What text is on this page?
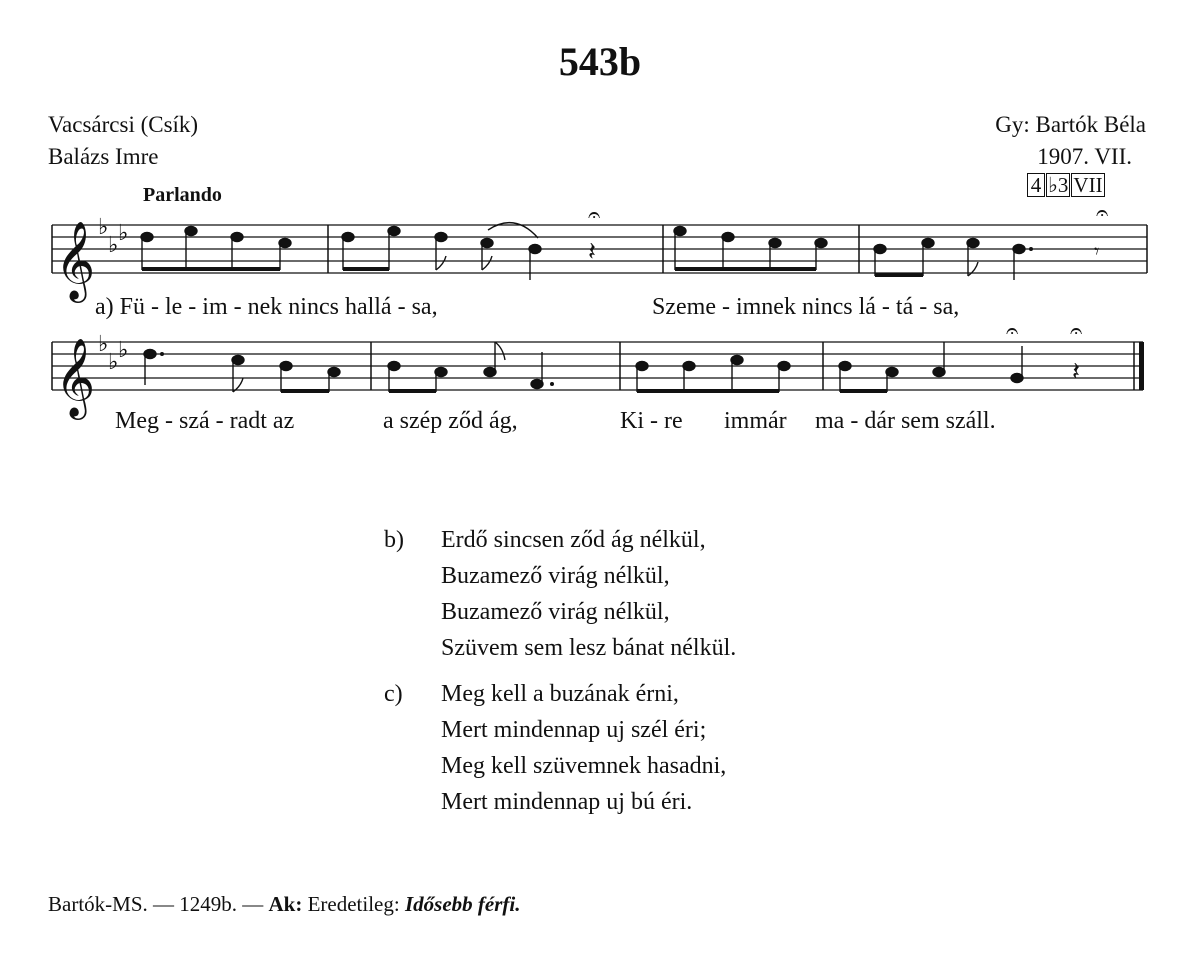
543b
Vacsárcsi (Csík)
Balázs Imre
Gy: Bartók Béla
1907. VII.
4 ♭3 VII
Parlando
𝄞
𝄞
♭
♭ ♭
♭
♭ ♭
𝄽	𝄾
𝄐	𝄐
𝄽
𝄐 𝄐
a) Fü - le - im - nek nincs hallá - sa,	Szeme - imnek nincs lá - tá - sa,
Meg - szá - radt az	a szép ződ ág,	Ki - re immár ma - dár sem száll.
b) Erdő sincsen ződ ág nélkül,
Buzamező virág nélkül,
Buzamező virág nélkül,
Szüvem sem lesz bánat nélkül.
c) Meg kell a buzának érni,
Mert mindennap uj szél éri;
Meg kell szüvemnek hasadni,
Mert mindennap uj bú éri.
Bartók-MS. — 1249b. — Ak: Eredetileg: Idősebb férfi.
